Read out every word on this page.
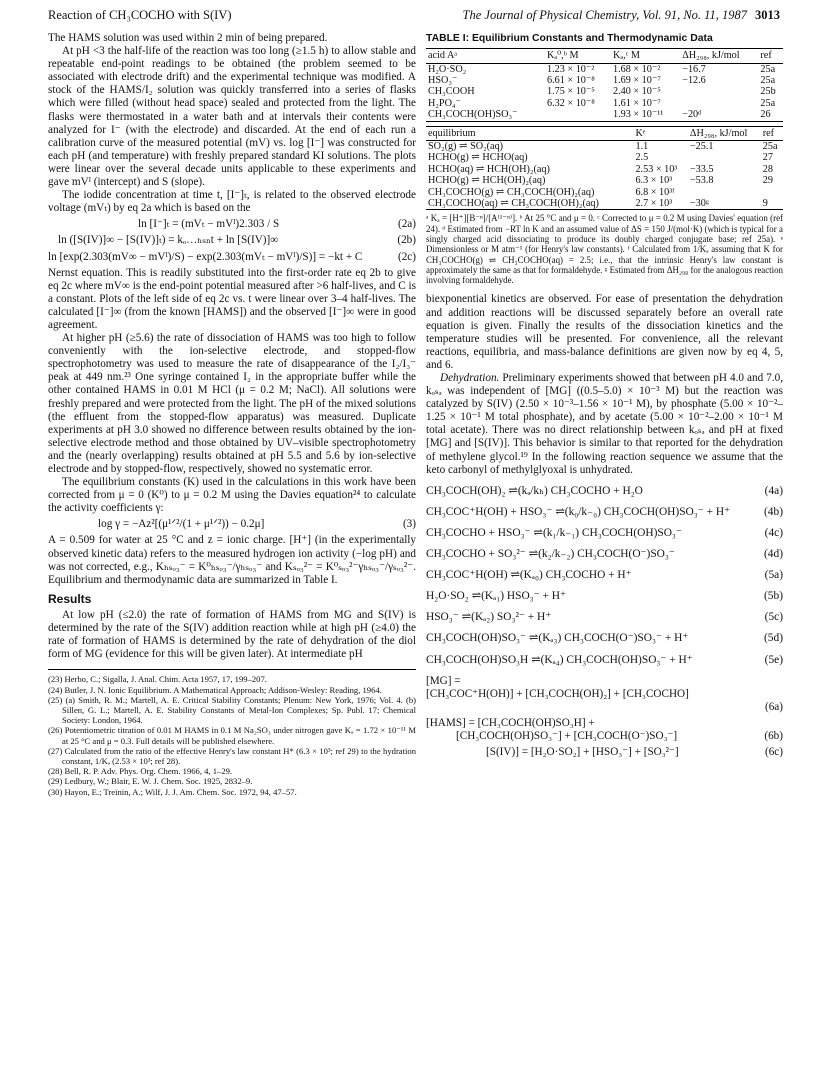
Reaction of CH₃COCHO with S(IV)	The Journal of Physical Chemistry, Vol. 91, No. 11, 1987 3013

The HAMS solution was used within 2 min of being prepared.

At pH <3 the half-life of the reaction was too long (≥1.5 h) to allow stable and repeatable end-point readings to be obtained (the problem seemed to be associated with electrode drift) and the experimental technique was modified. A stock of the HAMS/I₂ solution was quickly transferred into a series of flasks which were filled (without head space) sealed and protected from the light. The flasks were thermostated in a water bath and at intervals their contents were analyzed for I⁻ (with the electrode) and discarded. At the end of each run a calibration curve of the measured potential (mV) vs. log [I⁻] was constructed for each pH (and temperature) with freshly prepared standard KI solutions. The plots were linear over the several decade units applicable to these experiments and gave mVᴵ (intercept) and S (slope).

The iodide concentration at time t, [I⁻]ₜ, is related to the observed electrode voltage (mVₜ) by eq 2a which is based on the

ln [I⁻]ₜ = (mVₜ − mVᴵ)2.303 / S	(2a)
ln ([S(IV)]∞ − [S(IV)]ₜ) = kₒ⁦…ₕₛₙt + ln [S(IV)]∞	(2b)
ln [exp(2.303(mV∞ − mVᴵ)/S) − exp(2.303(mVₜ − mVᴵ)/S)] = −kt + C	(2c)

Nernst equation. This is readily substituted into the first-order rate eq 2b to give eq 2c where mV∞ is the end-point potential measured after >6 half-lives, and C is a constant. Plots of the left side of eq 2c vs. t were linear over 3–4 half-lives. The calculated [I⁻]∞ (from the known [HAMS]) and the observed [I⁻]∞ were in good agreement.

At higher pH (≥5.6) the rate of dissociation of HAMS was too high to follow conveniently with the ion-selective electrode, and stopped-flow spectrophotometry was used to measure the rate of disappearance of the I₂/I₃⁻ peak at 449 nm.²³ One syringe contained I₂ in the appropriate buffer while the other contained HAMS in 0.01 M HCl (μ = 0.2 M; NaCl). All solutions were freshly prepared and were protected from the light. The pH of the mixed solutions (the effluent from the stopped-flow apparatus) was measured. Duplicate experiments at pH 3.0 showed no difference between results obtained by the ion-selective electrode method and those obtained by UV–visible spectrophotometry and the (nearly overlapping) results obtained at pH 5.5 and 5.6 by ion-selective electrode and by stopped-flow, respectively, showed no systematic error.

The equilibrium constants (K) used in the calculations in this work have been corrected from μ = 0 (K⁰) to μ = 0.2 M using the Davies equation²⁴ to calculate the activity coefficients γ:

log γ = −Az²[(μ¹ᐟ²/(1 + μ¹ᐟ²)) − 0.2μ]	(3)

A = 0.509 for water at 25 °C and z = ionic charge. [H⁺] (in the experimentally observed kinetic data) refers to the measured hydrogen ion activity (−log pH) and was not corrected, e.g., Kₕₛₒ₃⁻ = K⁰ₕₛₒ₃⁻/γₕₛₒ₃⁻ and Kₛₒ₃²⁻ = K⁰ₛₒ₃²⁻γₕₛₒ₃⁻/γₛₒ₃²⁻. Equilibrium and thermodynamic data are summarized in Table I.

Results

At low pH (≤2.0) the rate of formation of HAMS from MG and S(IV) is determined by the rate of the S(IV) addition reaction while at high pH (≥4.0) the rate of formation of HAMS is determined by the rate of dehydration of the diol form of MG (evidence for this will be given later). At intermediate pH

(23) Herbo, C.; Sigalla, J. Anal. Chim. Acta 1957, 17, 199–207.
(24) Butler, J. N. Ionic Equilibrium. A Mathematical Approach; Addison-Wesley: Reading, 1964.
(25) (a) Smith, R. M.; Martell, A. E. Critical Stability Constants; Plenum: New York, 1976; Vol. 4. (b) Sillen, G. L.; Martell, A. E. Stability Constants of Metal-Ion Complexes; Sp. Publ. 17; Chemical Society: London, 1964.
(26) Potentiometric titration of 0.01 M HAMS in 0.1 M Na₂SO₃ under nitrogen gave Kₐ = 1.72 × 10⁻¹¹ M at 25 °C and μ = 0.3. Full details will be published elsewhere.
(27) Calculated from the ratio of the effective Henry's law constant H* (6.3 × 10³; ref 29) to the hydration constant, 1/Kₔ (2.53 × 10³; ref 28).
(28) Bell, R. P. Adv. Phys. Org. Chem. 1966, 4, 1–29.
(29) Ledbury, W.; Blair, E. W. J. Chem. Soc. 1925, 2832–9.
(30) Hayon, E.; Treinin, A.; Wilf, J. J. Am. Chem. Soc. 1972, 94, 47–57.
TABLE I: Equilibrium Constants and Thermodynamic Data
acid Aᵃ	Kₐ⁰,ᵇ M	Kₐ,ᶜ M	ΔH₂₉₈, kJ/mol	ref
H₂O·SO₂	1.23 × 10⁻²	1.68 × 10⁻²	−16.7	25a
HSO₃⁻	6.61 × 10⁻⁸	1.69 × 10⁻⁷	−12.6	25a
CH₃COOH	1.75 × 10⁻⁵	2.40 × 10⁻⁵		25b
H₂PO₄⁻	6.32 × 10⁻⁸	1.61 × 10⁻⁷		25a
CH₃COCH(OH)SO₃⁻		1.93 × 10⁻¹¹	−20ᵈ	26
equilibrium	Kᵉ	ΔH₂₉₈, kJ/mol	ref
SO₂(g) ⇌ SO₂(aq)	1.1	−25.1	25a
HCHO(g) ⇌ HCHO(aq)	2.5		27
HCHO(aq) ⇌ HCH(OH)₂(aq)	2.53 × 10³	−33.5	28
HCHO(g) ⇌ HCH(OH)₂(aq)	6.3 × 10³	−53.8	29
CH₃COCHO(g) ⇌ CH₃COCH(OH)₂(aq)	6.8 × 10³ᶠ		
CH₃COCHO(aq) ⇌ CH₃COCH(OH)₂(aq)	2.7 × 10³	−30ᵍ	9
ᵃ Kₐ = [H⁺][B⁻ⁿ]/[A⁽¹⁻ⁿ⁾]. ᵇ At 25 °C and μ = 0. ᶜ Corrected to μ = 0.2 M using Davies' equation (ref 24). ᵈ Estimated from −RT ln K and an assumed value of ΔS = 150 J/(mol·K) (which is typical for a singly charged acid dissociating to produce its doubly charged conjugate base; ref 25a). ᵉ Dimensionless or M atm⁻¹ (for Henry's law constants). ᶠ Calculated from 1/Kₔ assuming that K for CH₃COCHO(g) ⇌ CH₃COCHO(aq) = 2.5; i.e., that the intrinsic Henry's law constant is approximately the same as that for formaldehyde. ᵍ Estimated from ΔH₂₉₈ for the analogous reaction involving formaldehyde.

biexponential kinetics are observed. For ease of presentation the dehydration and addition reactions will be discussed separately before an overall rate equation is given. Finally the results of the dissociation kinetics and the temperature studies will be presented. For convenience, all the relevant reactions, equilibria, and mass-balance definitions are given now by eq 4, 5, and 6.

Dehydration. Preliminary experiments showed that between pH 4.0 and 7.0, kₒ⁦ₛₔ was independent of [MG] ((0.5–5.0) × 10⁻³ M) but the reaction was catalyzed by S(IV) (2.50 × 10⁻³–1.56 × 10⁻¹ M), by phosphate (5.00 × 10⁻²–1.25 × 10⁻¹ M total phosphate), and by acetate (5.00 × 10⁻²–2.00 × 10⁻¹ M total acetate). There was no direct relationship between kₒ⁦ₛₔ and pH at fixed [MG] and [S(IV)]. This behavior is similar to that reported for the dehydration of methylene glycol.¹⁹ In the following reaction sequence we assume that the keto carbonyl of methylglyoxal is unhydrated.

CH₃COCH(OH)₂ ⇌(kₔ/kₕ) CH₃COCHO + H₂O	(4a)
CH₃COC⁺H(OH) + HSO₃⁻ ⇌(k₀/k₋₀) CH₃COCH(OH)SO₃⁻ + H⁺	(4b)
CH₃COCHO + HSO₃⁻ ⇌(k₁/k₋₁) CH₃COCH(OH)SO₃⁻	(4c)
CH₃COCHO + SO₃²⁻ ⇌(k₂/k₋₂) CH₃COCH(O⁻)SO₃⁻	(4d)
CH₃COC⁺H(OH) ⇌(Kₐ₀) CH₃COCHO + H⁺	(5a)
H₂O·SO₂ ⇌(Kₐ₁) HSO₃⁻ + H⁺	(5b)
HSO₃⁻ ⇌(Kₐ₂) SO₃²⁻ + H⁺	(5c)
CH₃COCH(OH)SO₃⁻ ⇌(Kₐ₃) CH₃COCH(O⁻)SO₃⁻ + H⁺	(5d)
CH₃COCH(OH)SO₃H ⇌(Kₐ₄) CH₃COCH(OH)SO₃⁻ + H⁺	(5e)
[MG] =
[CH₃COC⁺H(OH)] + [CH₃COCH(OH)₂] + [CH₃COCHO]
(6a)
[HAMS] = [CH₃COCH(OH)SO₃H] +
[CH₃COCH(OH)SO₃⁻] + [CH₃COCH(O⁻)SO₃⁻]	(6b)
[S(IV)] = [H₂O·SO₂] + [HSO₃⁻] + [SO₃²⁻]	(6c)
